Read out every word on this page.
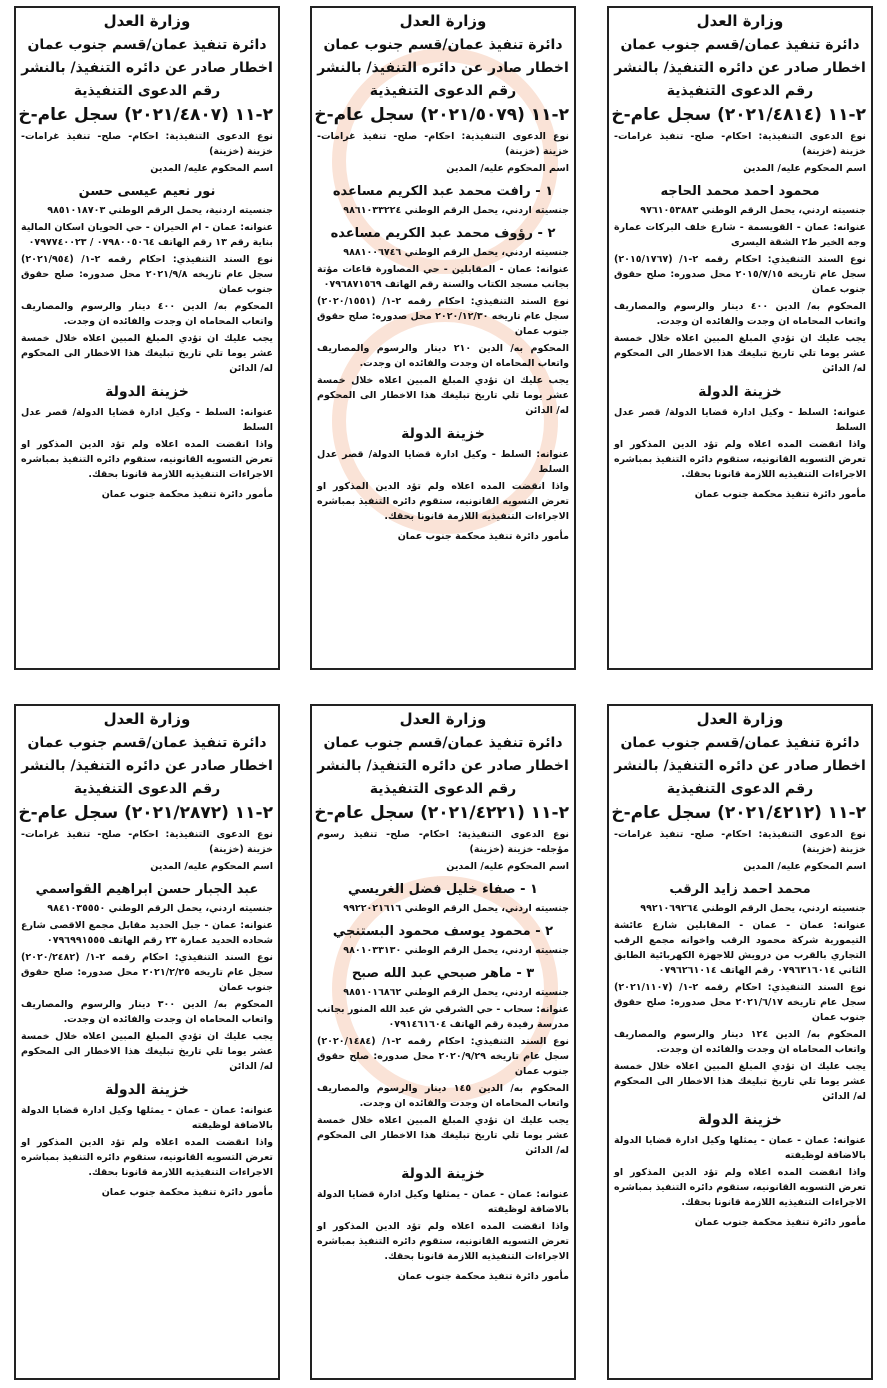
وزارة العدل
دائرة تنفيذ عمان/قسم جنوب عمان
اخطار صادر عن دائره التنفيذ/ بالنشر
رقم الدعوى التنفيذية
٢-١١ (٢٠٢١/٤٨١٤) سجل عام-خ
نوع الدعوى التنفيذية: احكام- صلح- تنفيذ غرامات- خزينة (خزينة)
اسم المحكوم عليه/ المدين
محمود احمد محمد الحاجه
جنسيته اردني، يحمل الرقم الوطني ٩٧٦١٠٥٣٨٨٣
عنوانه: عمان - القويسمة - شارع خلف البركات عمارة وجه الخير ط٢ الشقة اليسرى
نوع السند التنفيذي: احكام رقمه ٢-١/ (٢٠١٥/١٧٦٧) سجل عام تاريخه ٢٠١٥/٧/١٥ محل صدوره: صلح حقوق جنوب عمان
المحكوم به/ الدين ٤٠٠ دينار والرسوم والمصاريف واتعاب المحاماه ان وجدت والفائده ان وجدت.
يجب عليك ان تؤدي المبلغ المبين اعلاه خلال خمسة عشر يوما تلي تاريخ تبليغك هذا الاخطار الى المحكوم له/ الدائن
خزينة الدولة
عنوانه: السلط - وكيل ادارة قضايا الدولة/ قصر عدل السلط
واذا انقضت المده اعلاه ولم تؤد الدين المذكور او تعرض التسويه القانونيه، ستقوم دائره التنفيذ بمباشره الاجراءات التنفيذيه اللازمة قانونا بحقك.
مأمور دائرة تنفيذ محكمة جنوب عمان
وزارة العدل
دائرة تنفيذ عمان/قسم جنوب عمان
اخطار صادر عن دائره التنفيذ/ بالنشر
رقم الدعوى التنفيذية
٢-١١ (٢٠٢١/٥٠٧٩) سجل عام-خ
نوع الدعوى التنفيذية: احكام- صلح- تنفيذ غرامات- خزينة (خزينة)
اسم المحكوم عليه/ المدين
١ - رافت محمد عبد الكريم مساعده
جنسيته اردني، يحمل الرقم الوطني ٩٨٦١٠٣٣٢٢٤
٢ - رؤوف محمد عبد الكريم مساعده
جنسيته اردني، يحمل الرقم الوطني ٩٨٨١٠٠٦٧٤٦
عنوانه: عمان - المقابلين - حي المصاورة قاعات مؤتة بجانب مسجد الكتاب والسنة رقم الهاتف ٠٧٩٦٨٧١٥٦٩
نوع السند التنفيذي: احكام رقمه ٢-١/ (٢٠٢٠/١٥٥١) سجل عام تاريخه ٢٠٢٠/١٢/٣٠ محل صدوره: صلح حقوق جنوب عمان
المحكوم به/ الدين ٢١٠ دينار والرسوم والمصاريف واتعاب المحاماه ان وجدت والفائده ان وجدت.
يجب عليك ان تؤدي المبلغ المبين اعلاه خلال خمسة عشر يوما تلي تاريخ تبليغك هذا الاخطار الى المحكوم له/ الدائن
خزينة الدولة
عنوانه: السلط - وكيل ادارة قضايا الدولة/ قصر عدل السلط
واذا انقضت المده اعلاه ولم تؤد الدين المذكور او تعرض التسويه القانونيه، ستقوم دائره التنفيذ بمباشره الاجراءات التنفيذيه اللازمة قانونا بحقك.
مأمور دائرة تنفيذ محكمة جنوب عمان
وزارة العدل
دائرة تنفيذ عمان/قسم جنوب عمان
اخطار صادر عن دائره التنفيذ/ بالنشر
رقم الدعوى التنفيذية
٢-١١ (٢٠٢١/٤٨٠٧) سجل عام-خ
نوع الدعوى التنفيذية: احكام- صلح- تنفيذ غرامات- خزينة (خزينة)
اسم المحكوم عليه/ المدين
نور نعيم عيسى حسن
جنسيته اردنية، يحمل الرقم الوطني ٩٨٥١٠١٨٧٠٣
عنوانه: عمان - ام الحيران - حي الحويان اسكان المالية بناية رقم ١٣ رقم الهاتف ٠٧٩٨٠٠٥٠٦٤ / ٠٧٩٧٧٤٠٠٢٣
نوع السند التنفيذي: احكام رقمه ٢-١/ (٢٠٢١/٩٥٤) سجل عام تاريخه ٢٠٢١/٩/٨ محل صدوره: صلح حقوق جنوب عمان
المحكوم به/ الدين ٤٠٠ دينار والرسوم والمصاريف واتعاب المحاماه ان وجدت والفائده ان وجدت.
يجب عليك ان تؤدي المبلغ المبين اعلاه خلال خمسة عشر يوما تلي تاريخ تبليغك هذا الاخطار الى المحكوم له/ الدائن
خزينة الدولة
عنوانه: السلط - وكيل ادارة قضايا الدولة/ قصر عدل السلط
واذا انقضت المده اعلاه ولم تؤد الدين المذكور او تعرض التسويه القانونيه، ستقوم دائره التنفيذ بمباشره الاجراءات التنفيذيه اللازمة قانونا بحقك.
مأمور دائرة تنفيذ محكمة جنوب عمان
وزارة العدل
دائرة تنفيذ عمان/قسم جنوب عمان
اخطار صادر عن دائره التنفيذ/ بالنشر
رقم الدعوى التنفيذية
٢-١١ (٢٠٢١/٤٢١٢) سجل عام-خ
نوع الدعوى التنفيذية: احكام- صلح- تنفيذ غرامات- خزينة (خزينة)
اسم المحكوم عليه/ المدين
محمد احمد زايد الرقب
جنسيته اردني، يحمل الرقم الوطني ٩٩٢١٠٦٩٢٦٤
عنوانه: عمان - عمان - المقابلين شارع عائشة التيمورية شركة محمود الرقب واخوانه مجمع الرقب التجاري بالقرب من درويش للاجهزة الكهربائية الطابق الثاني ٠٧٩٦٣١٦٠١٤ رقم الهاتف ٠٧٩٦٢٦١٠١٤
نوع السند التنفيذي: احكام رقمه ٢-١/ (٢٠٢١/١١٠٧) سجل عام تاريخه ٢٠٢١/٦/١٧ محل صدوره: صلح حقوق جنوب عمان
المحكوم به/ الدين ١٢٤ دينار والرسوم والمصاريف واتعاب المحاماه ان وجدت والفائده ان وجدت.
يجب عليك ان تؤدي المبلغ المبين اعلاه خلال خمسة عشر يوما تلي تاريخ تبليغك هذا الاخطار الى المحكوم له/ الدائن
خزينة الدولة
عنوانه: عمان - عمان - يمثلها وكيل ادارة قضايا الدولة بالاضافة لوظيفته
واذا انقضت المده اعلاه ولم تؤد الدين المذكور او تعرض التسويه القانونيه، ستقوم دائره التنفيذ بمباشره الاجراءات التنفيذيه اللازمة قانونا بحقك.
مأمور دائرة تنفيذ محكمة جنوب عمان
وزارة العدل
دائرة تنفيذ عمان/قسم جنوب عمان
اخطار صادر عن دائره التنفيذ/ بالنشر
رقم الدعوى التنفيذية
٢-١١ (٢٠٢١/٤٢٢١) سجل عام-خ
نوع الدعوى التنفيذية: احكام- صلح- تنفيذ رسوم مؤجله- خزينة (خزينة)
اسم المحكوم عليه/ المدين
١ - صفاء خليل فضل الغريسي
جنسيته اردني، يحمل الرقم الوطني ٩٩٢٢٠٢١٦١٦
٢ - محمود يوسف محمود البستنجي
جنسيته اردني، يحمل الرقم الوطني ٩٨٠١٠٣٣١٣٠
٣ - ماهر صبحي عبد الله صبح
جنسيته اردني، يحمل الرقم الوطني ٩٨٥١٠١٦٨٦٢
عنوانه: سحاب - حي الشرقي ش عبد الله المنور بجانب مدرسة رفيدة رقم الهاتف ٠٧٩١٤٦١٦٠٤
نوع السند التنفيذي: احكام رقمه ٢-١/ (٢٠٢٠/١٤٨٤) سجل عام تاريخه ٢٠٢٠/٩/٢٩ محل صدوره: صلح حقوق جنوب عمان
المحكوم به/ الدين ١٤٥ دينار والرسوم والمصاريف واتعاب المحاماه ان وجدت والفائده ان وجدت.
يجب عليك ان تؤدي المبلغ المبين اعلاه خلال خمسة عشر يوما تلي تاريخ تبليغك هذا الاخطار الى المحكوم له/ الدائن
خزينة الدولة
عنوانه: عمان - عمان - يمثلها وكيل ادارة قضايا الدولة بالاضافة لوظيفته
واذا انقضت المده اعلاه ولم تؤد الدين المذكور او تعرض التسويه القانونيه، ستقوم دائره التنفيذ بمباشره الاجراءات التنفيذيه اللازمة قانونا بحقك.
مأمور دائرة تنفيذ محكمة جنوب عمان
وزارة العدل
دائرة تنفيذ عمان/قسم جنوب عمان
اخطار صادر عن دائره التنفيذ/ بالنشر
رقم الدعوى التنفيذية
٢-١١ (٢٠٢١/٢٨٧٢) سجل عام-خ
نوع الدعوى التنفيذية: احكام- صلح- تنفيذ غرامات- خزينة (خزينة)
اسم المحكوم عليه/ المدين
عبد الجبار حسن ابراهيم القواسمي
جنسيته اردني، يحمل الرقم الوطني ٩٨٤١٠٣٥٥٥٠
عنوانه: عمان - جبل الحديد مقابل مجمع الاقصى شارع شحاده الحديد عمارة ٢٣ رقم الهاتف ٠٧٩٦٩٩١٥٥٥
نوع السند التنفيذي: احكام رقمه ٢-١/ (٢٠٢٠/٢٤٨٢) سجل عام تاريخه ٢٠٢١/٢/٢٥ محل صدوره: صلح حقوق جنوب عمان
المحكوم به/ الدين ٣٠٠ دينار والرسوم والمصاريف واتعاب المحاماه ان وجدت والفائده ان وجدت.
يجب عليك ان تؤدي المبلغ المبين اعلاه خلال خمسة عشر يوما تلي تاريخ تبليغك هذا الاخطار الى المحكوم له/ الدائن
خزينة الدولة
عنوانه: عمان - عمان - يمثلها وكيل ادارة قضايا الدولة بالاضافة لوظيفته
واذا انقضت المده اعلاه ولم تؤد الدين المذكور او تعرض التسويه القانونيه، ستقوم دائره التنفيذ بمباشره الاجراءات التنفيذيه اللازمة قانونا بحقك.
مأمور دائرة تنفيذ محكمة جنوب عمان
